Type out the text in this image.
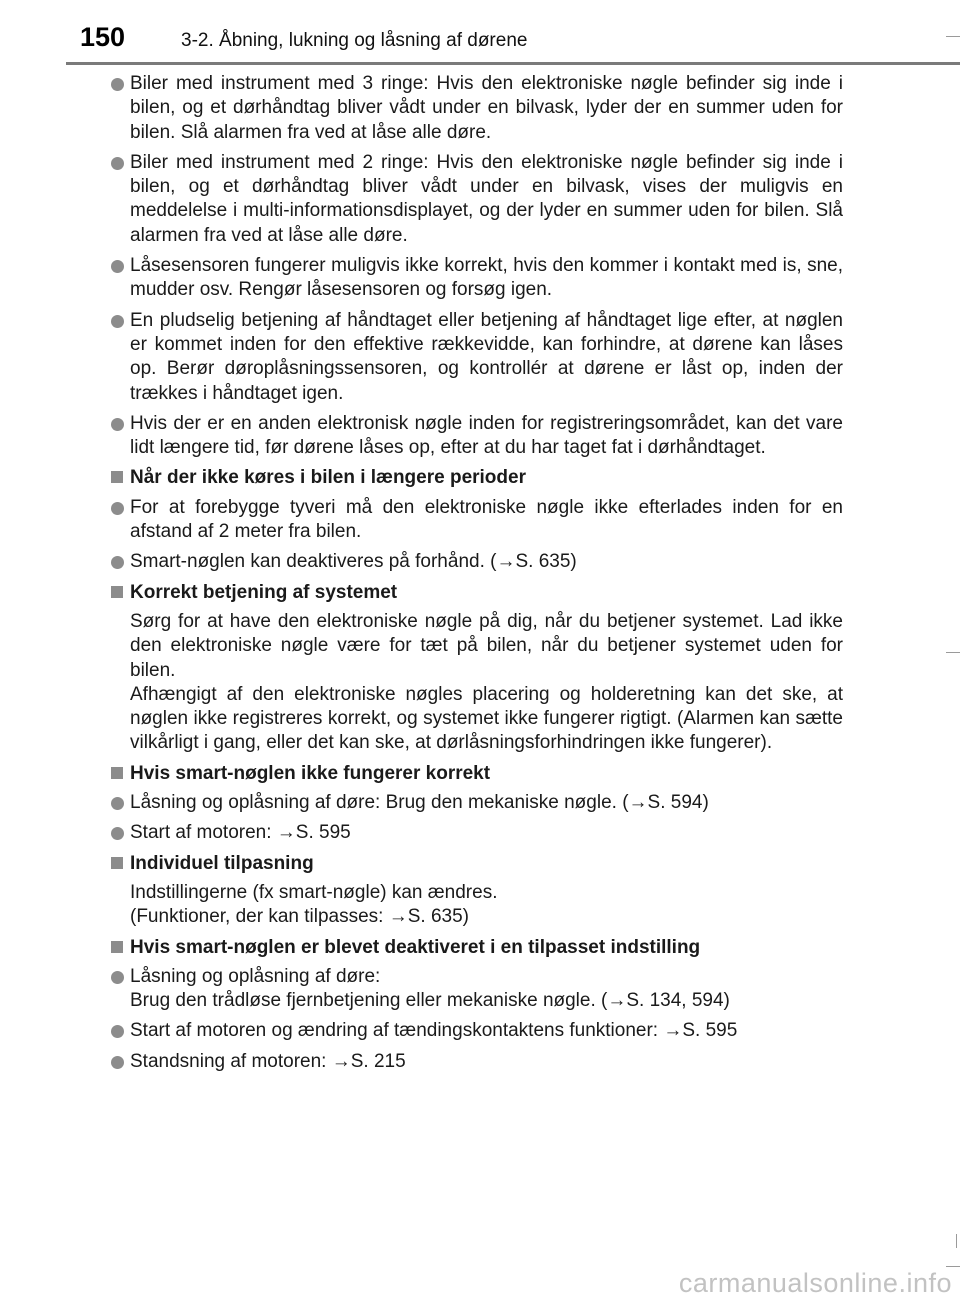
150	3-2. Åbning, lukning og låsning af dørene
Biler med instrument med 3 ringe: Hvis den elektroniske nøgle befinder sig inde i bilen, og et dørhåndtag bliver vådt under en bilvask, lyder der en summer uden for bilen. Slå alarmen fra ved at låse alle døre.
Biler med instrument med 2 ringe: Hvis den elektroniske nøgle befinder sig inde i bilen, og et dørhåndtag bliver vådt under en bilvask, vises der muligvis en meddelelse i multi-informationsdisplayet, og der lyder en summer uden for bilen. Slå alarmen fra ved at låse alle døre.
Låsesensoren fungerer muligvis ikke korrekt, hvis den kommer i kontakt med is, sne, mudder osv. Rengør låsesensoren og forsøg igen.
En pludselig betjening af håndtaget eller betjening af håndtaget lige efter, at nøglen er kommet inden for den effektive rækkevidde, kan forhindre, at dørene kan låses op. Berør døroplåsningssensoren, og kontrollér at dørene er låst op, inden der trækkes i håndtaget igen.
Hvis der er en anden elektronisk nøgle inden for registreringsområdet, kan det vare lidt længere tid, før dørene låses op, efter at du har taget fat i dørhåndtaget.
Når der ikke køres i bilen i længere perioder
For at forebygge tyveri må den elektroniske nøgle ikke efterlades inden for en afstand af 2 meter fra bilen.
Smart-nøglen kan deaktiveres på forhånd. (→S. 635)
Korrekt betjening af systemet

Sørg for at have den elektroniske nøgle på dig, når du betjener systemet. Lad ikke den elektroniske nøgle være for tæt på bilen, når du betjener systemet uden for bilen.

Afhængigt af den elektroniske nøgles placering og holderetning kan det ske, at nøglen ikke registreres korrekt, og systemet ikke fungerer rigtigt. (Alarmen kan sætte vilkårligt i gang, eller det kan ske, at dørlåsningsforhindringen ikke fungerer).

Hvis smart-nøglen ikke fungerer korrekt
Låsning og oplåsning af døre: Brug den mekaniske nøgle. (→S. 594)
Start af motoren: →S. 595
Individuel tilpasning

Indstillingerne (fx smart-nøgle) kan ændres.

(Funktioner, der kan tilpasses: →S. 635)

Hvis smart-nøglen er blevet deaktiveret i en tilpasset indstilling
Låsning og oplåsning af døre:
Brug den trådløse fjernbetjening eller mekaniske nøgle. (→S. 134, 594)
Start af motoren og ændring af tændingskontaktens funktioner: →S. 595
Standsning af motoren: →S. 215
carmanualsonline.info
